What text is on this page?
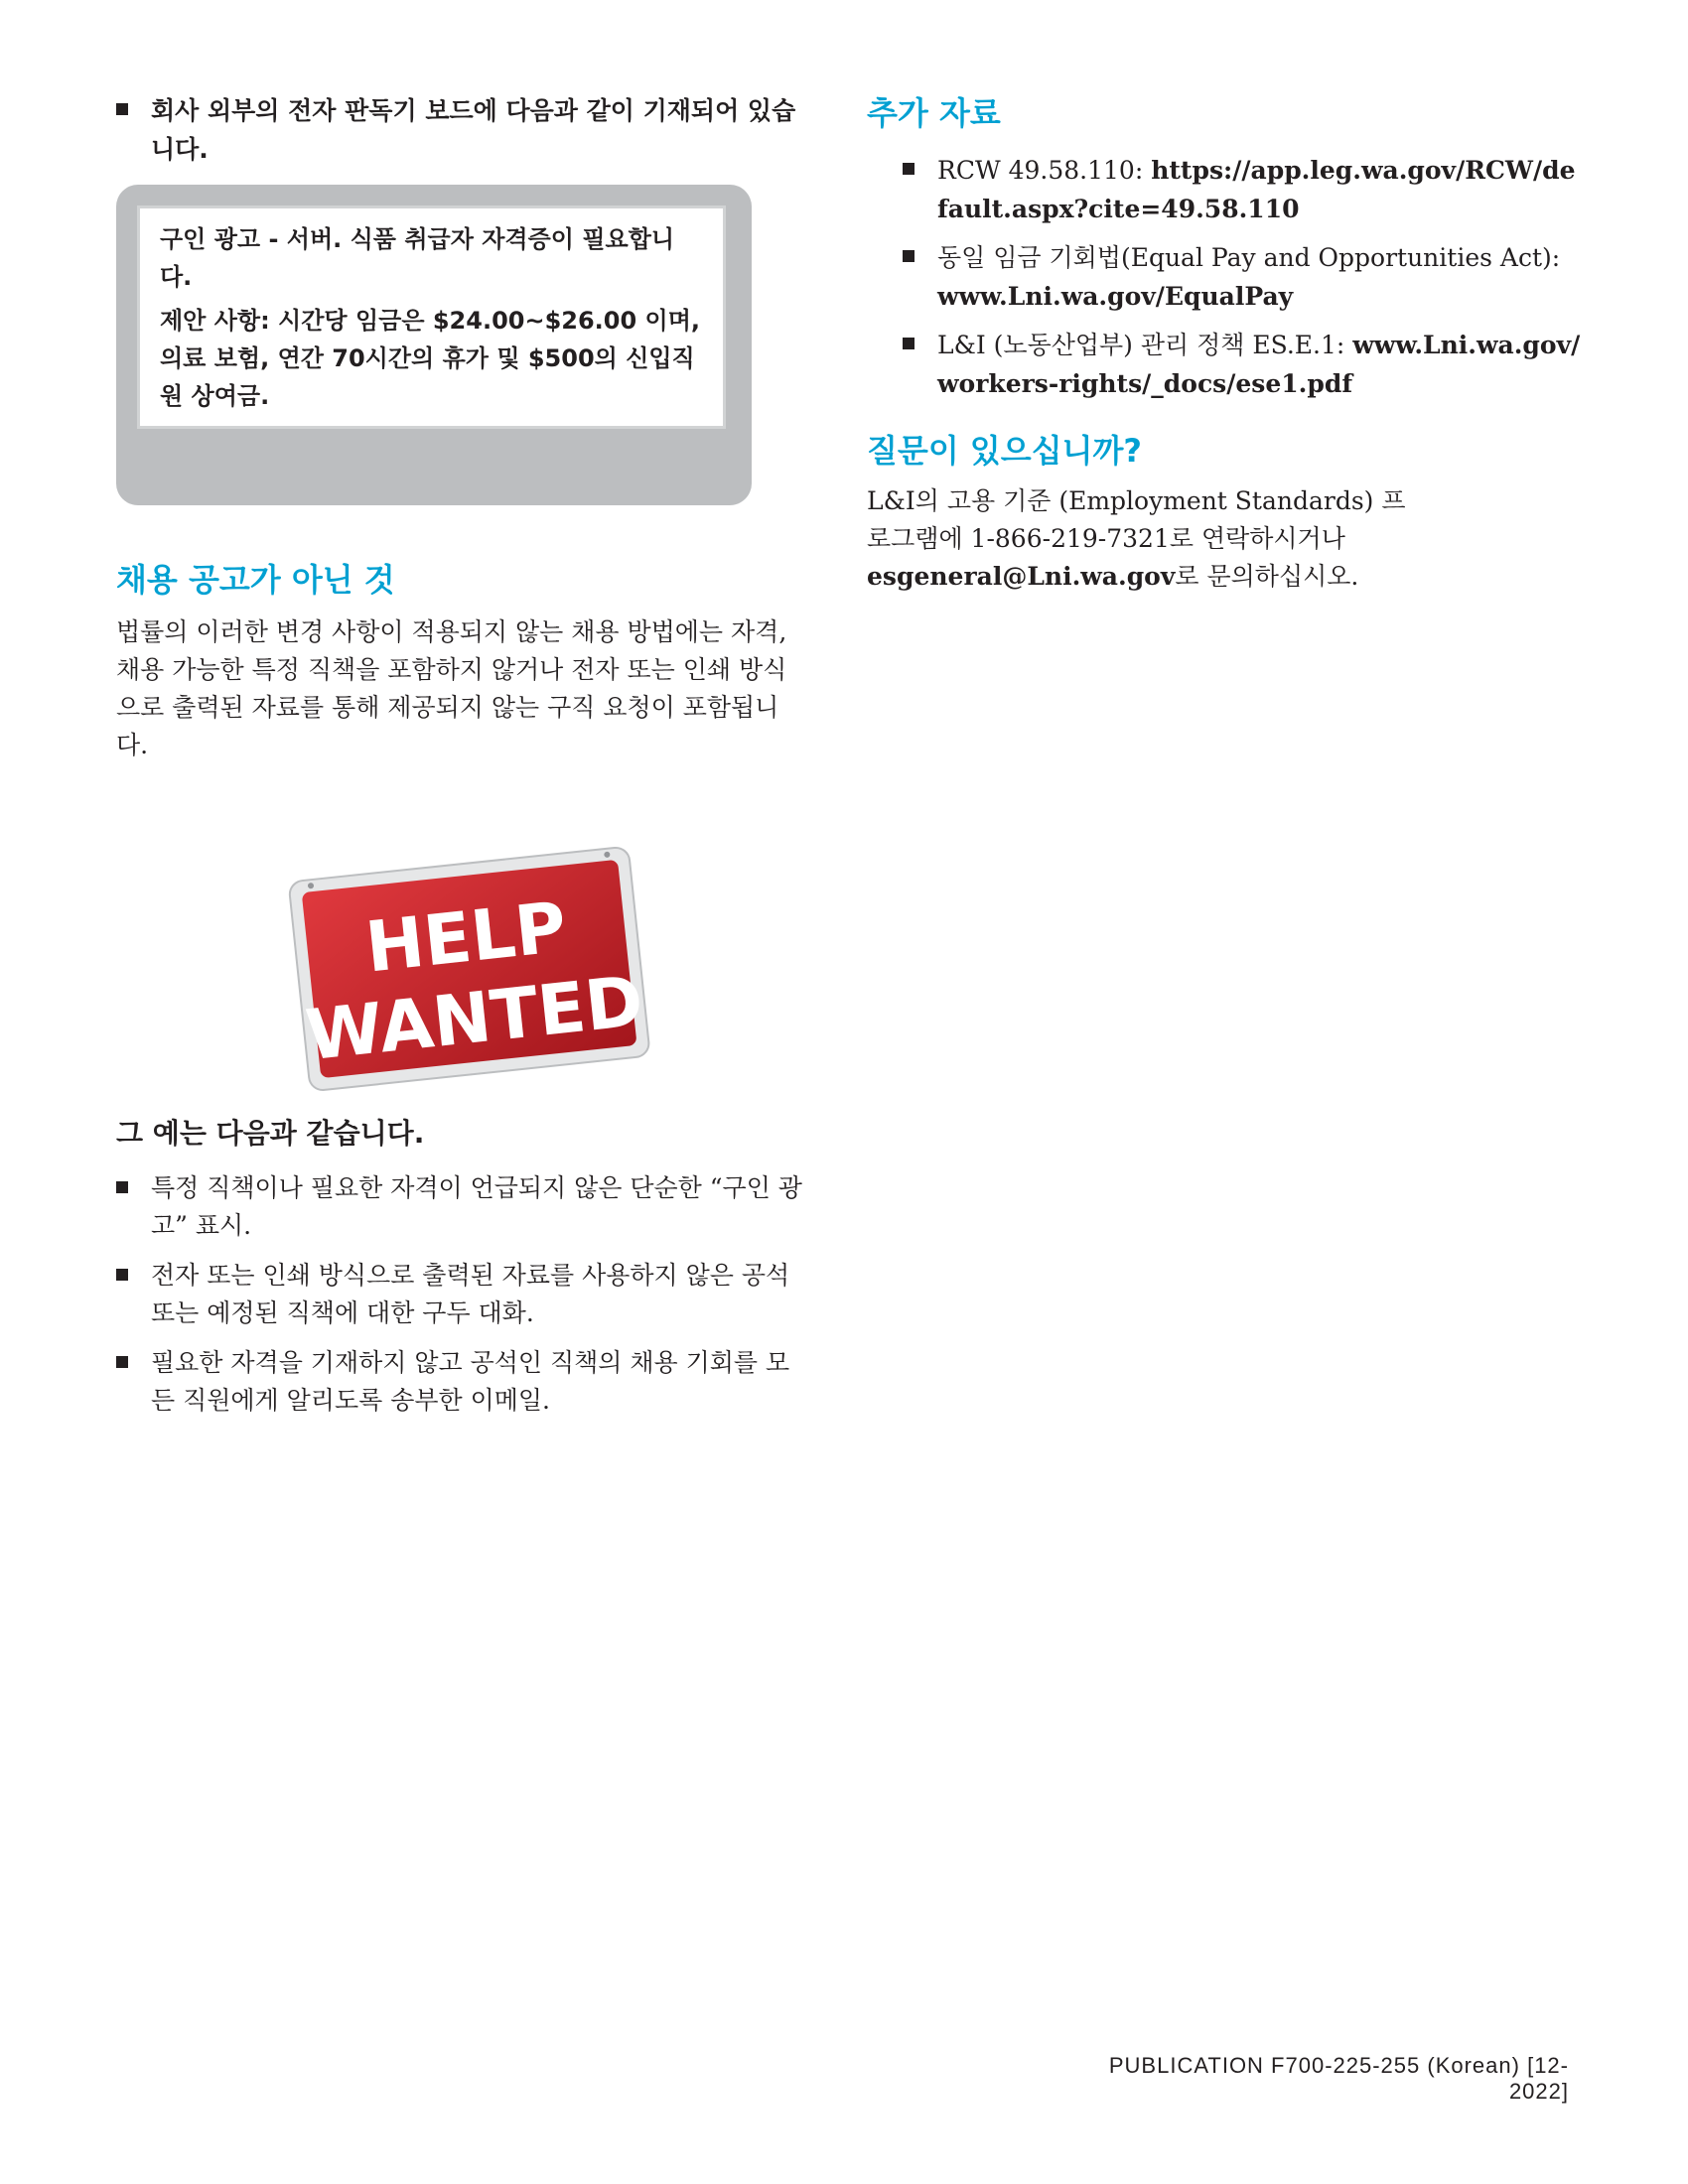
회사 외부의 전자 판독기 보드에 다음과 같이 기재되어 있습니다.

구인 광고 - 서버. 식품 취급자 자격증이 필요합니다.

제안 사항: 시간당 임금은 $24.00~$26.00 이며, 의료 보험, 연간 70시간의 휴가 및 $500의 신입직원 상여금.

채용 공고가 아닌 것

법률의 이러한 변경 사항이 적용되지 않는 채용 방법에는 자격, 채용 가능한 특정 직책을 포함하지 않거나 전자 또는 인쇄 방식으로 출력된 자료를 통해 제공되지 않는 구직 요청이 포함됩니다.

HELP
WANTED
그 예는 다음과 같습니다.
특정 직책이나 필요한 자격이 언급되지 않은 단순한 “구인 광고” 표시.
전자 또는 인쇄 방식으로 출력된 자료를 사용하지 않은 공석 또는 예정된 직책에 대한 구두 대화.
필요한 자격을 기재하지 않고 공석인 직책의 채용 기회를 모든 직원에게 알리도록 송부한 이메일.
추가 자료
RCW 49.58.110: https://app.leg.wa.gov/RCW/default.aspx?cite=49.58.110
동일 임금 기회법(Equal Pay and Opportunities Act): www.Lni.wa.gov/EqualPay
L&I (노동산업부) 관리 정책 ES.E.1: www.Lni.wa.gov/workers-rights/_docs/ese1.pdf
질문이 있으십니까?

L&I의 고용 기준 (Employment Standards) 프로그램에 1-866-219-7321로 연락하시거나 esgeneral@Lni.wa.gov로 문의하십시오.

PUBLICATION F700-225-255 (Korean) [12-2022]
